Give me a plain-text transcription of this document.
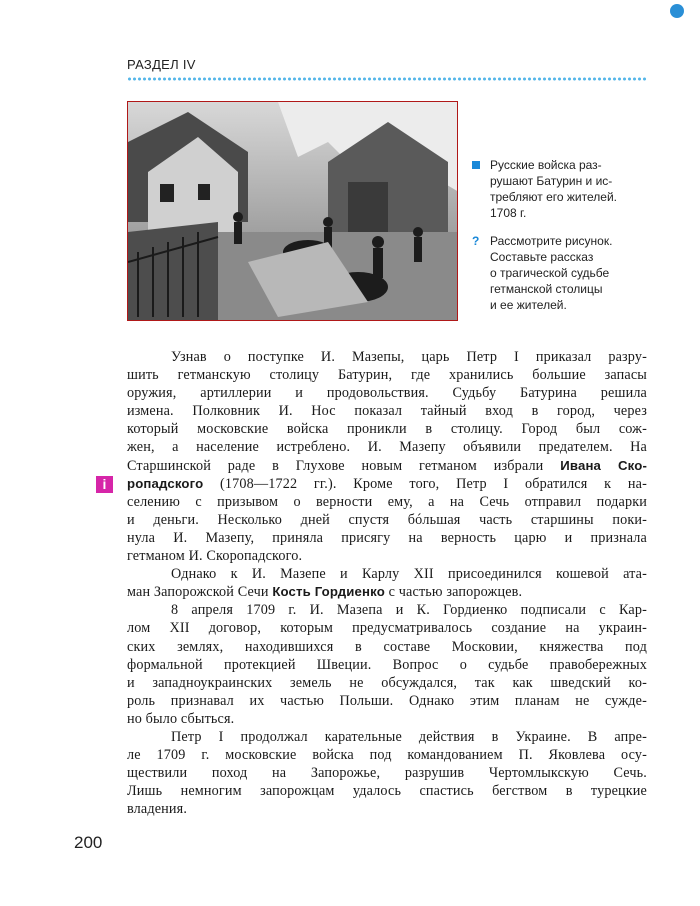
РАЗДЕЛ IV
Русские войска раз-
рушают Батурин и ис-
требляют его жителей.
1708 г.
? Рассмотрите рисунок.
Составьте рассказ
о трагической судьбе
гетманской столицы
и ее жителей.
i
Узнав о поступке И. Мазепы, царь Петр I приказал разру-
шить гетманскую столицу Батурин, где хранились большие запасы
оружия, артиллерии и продовольствия. Судьбу Батурина решила
измена. Полковник И. Нос показал тайный вход в город, через
который московские войска проникли в столицу. Город был сож-
жен, а население истреблено. И. Мазепу объявили предателем. На
Старшинской раде в Глухове новым гетманом избрали Ивана Ско-
ропадского (1708—1722 гг.). Кроме того, Петр I обратился к на-
селению с призывом о верности ему, а на Сечь отправил подарки
и деньги. Несколько дней спустя бóльшая часть старшины поки-
нула И. Мазепу, приняла присягу на верность царю и признала
гетманом И. Скоропадского.
Однако к И. Мазепе и Карлу XII присоединился кошевой ата-
ман Запорожской Сечи Кость Гордиенко с частью запорожцев.
8 апреля 1709 г. И. Мазепа и К. Гордиенко подписали с Кар-
лом XII договор, которым предусматривалось создание на украин-
ских землях, находившихся в составе Московии, княжества под
формальной протекцией Швеции. Вопрос о судьбе правобережных
и западноукраинских земель не обсуждался, так как шведский ко-
роль признавал их частью Польши. Однако этим планам не сужде-
но было сбыться.
Петр I продолжал карательные действия в Украине. В апре-
ле 1709 г. московские войска под командованием П. Яковлева осу-
ществили поход на Запорожье, разрушив Чертомлыкскую Сечь.
Лишь немногим запорожцам удалось спастись бегством в турецкие
владения.
200
